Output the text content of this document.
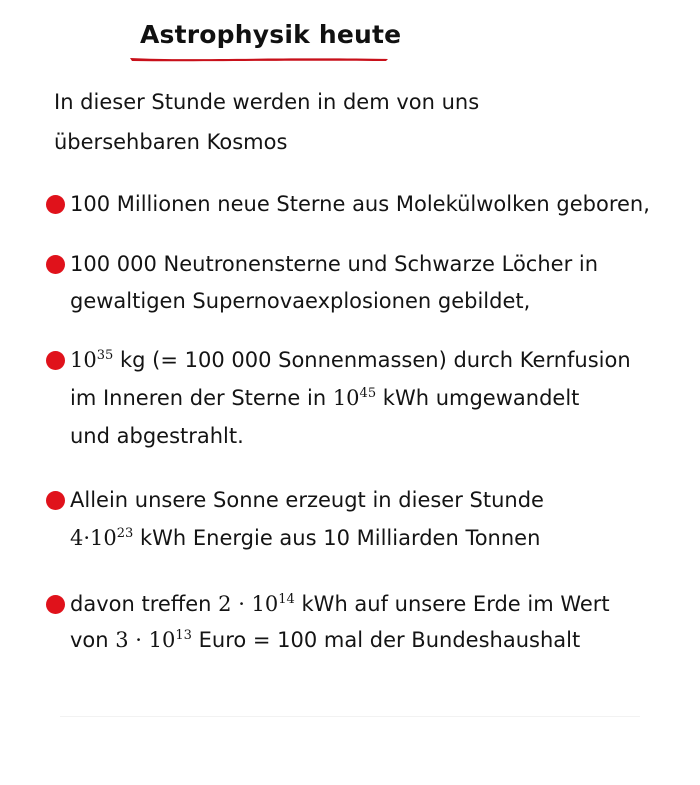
Astrophysik heute
In dieser Stunde werden in dem von uns
übersehbaren Kosmos
100 Millionen neue Sterne aus Molekülwolken geboren,
100 000 Neutronensterne und Schwarze Löcher in
gewaltigen Supernovaexplosionen gebildet,
$10^{35}$ kg (= 100 000 Sonnenmassen) durch Kernfusion
im Inneren der Sterne in $10^{45}$ kWh umgewandelt
und abgestrahlt.
Allein unsere Sonne erzeugt in dieser Stunde
$4\cdot 10^{23}$ kWh Energie aus 10 Milliarden Tonnen
davon treffen $2 \cdot 10^{14}$ kWh auf unsere Erde im Wert
von $3 \cdot 10^{13}$ Euro = 100 mal der Bundeshaushalt
